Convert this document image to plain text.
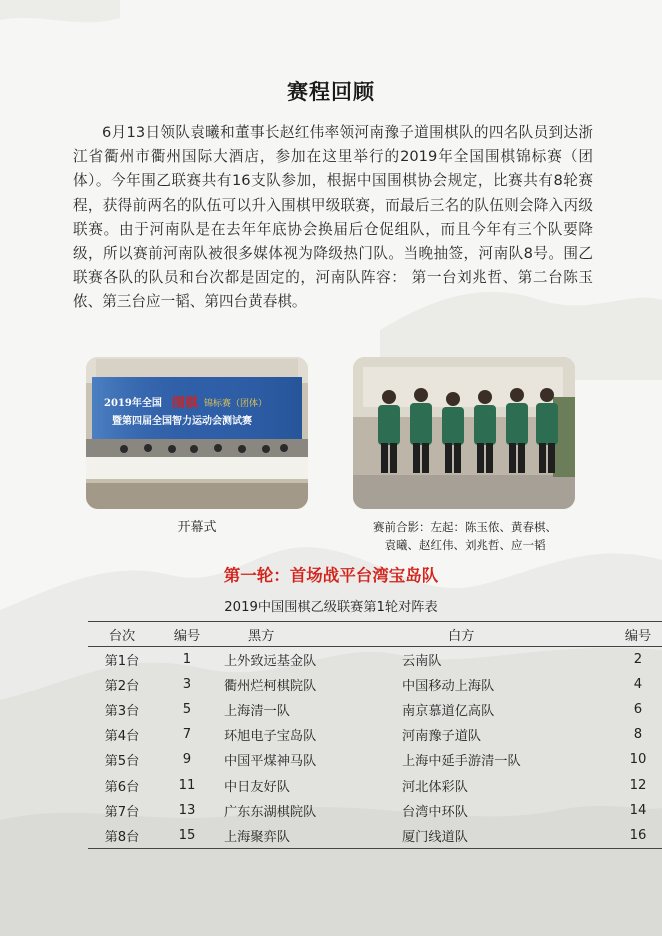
赛程回顾

6月13日领队袁曦和董事长赵红伟率领河南豫子道围棋队的四名队员到达浙江省衢州市衢州国际大酒店，参加在这里举行的2019年全国围棋锦标赛（团体）。今年围乙联赛共有16支队参加，根据中国围棋协会规定，比赛共有8轮赛程，获得前两名的队伍可以升入围棋甲级联赛，而最后三名的队伍则会降入丙级联赛。由于河南队是在去年年底协会换届后仓促组队，而且今年有三个队要降级，所以赛前河南队被很多媒体视为降级热门队。当晚抽签，河南队8号。围乙联赛各队的队员和台次都是固定的，河南队阵容： 第一台刘兆哲、第二台陈玉侬、第三台应一韬、第四台黄春棋。

2019年全国 围棋 锦标赛（团体）
暨第四届全国智力运动会测试赛
开幕式	赛前合影：左起：陈玉侬、黄春棋、
袁曦、赵红伟、刘兆哲、应一韬
第一轮：首场战平台湾宝岛队
2019中国围棋乙级联赛第1轮对阵表
台次	编号	黑方	白方	编号
第1台	1	上外致远基金队	云南队	2
第2台	3	衢州烂柯棋院队	中国移动上海队	4
第3台	5	上海清一队	南京慕道亿高队	6
第4台	7	环旭电子宝岛队	河南豫子道队	8
第5台	9	中国平煤神马队	上海中延手游清一队	10
第6台	11	中日友好队	河北体彩队	12
第7台	13	广东东湖棋院队	台湾中环队	14
第8台	15	上海聚弈队	厦门线道队	16
